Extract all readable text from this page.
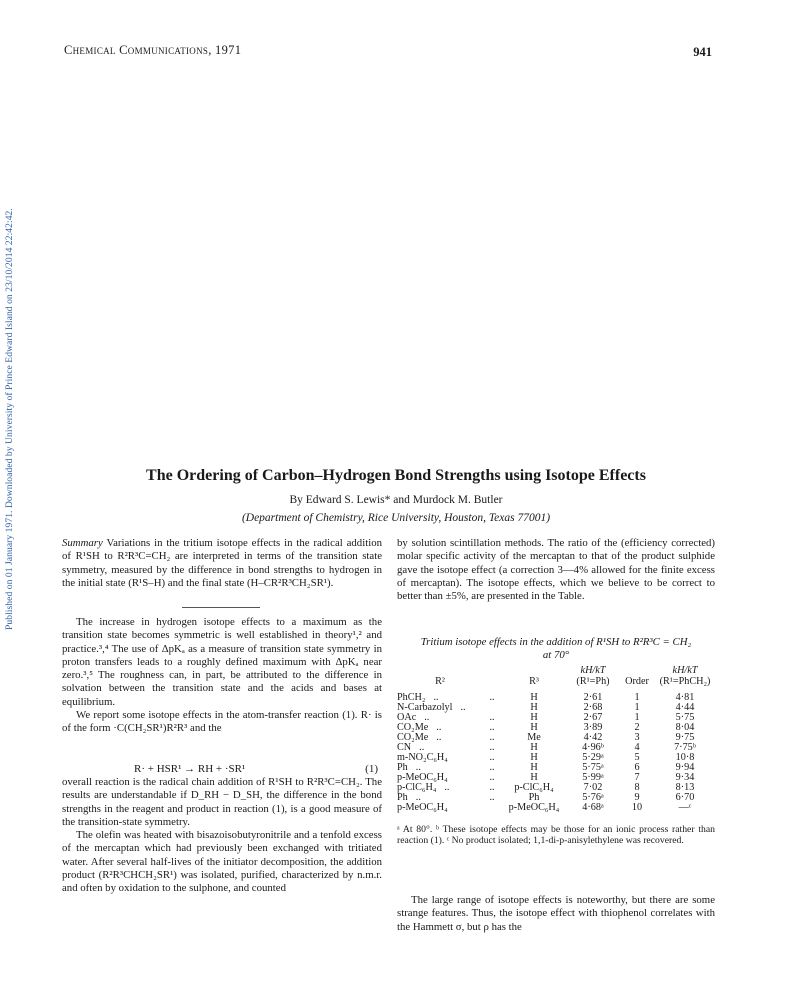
Published on 01 January 1971. Downloaded by University of Prince Edward Island on 23/10/2014 22:42:42.
Chemical Communications, 1971	941
The Ordering of Carbon–Hydrogen Bond Strengths using Isotope Effects
By Edward S. Lewis* and Murdock M. Butler
(Department of Chemistry, Rice University, Houston, Texas 77001)

Summary Variations in the tritium isotope effects in the radical addition of R¹SH to R²R³C=CH₂ are interpreted in terms of the transition state symmetry, measured by the difference in bond strengths to hydrogen in the initial state (R¹S–H) and the final state (H–CR²R³CH₂SR¹).

The increase in hydrogen isotope effects to a maximum as the transition state becomes symmetric is well established in theory¹,² and practice.³,⁴ The use of ΔpKₐ as a measure of transition state symmetry in proton transfers leads to a roughly defined maximum with ΔpKₐ near zero.³,⁵ The roughness can, in part, be attributed to the difference in solvation between the transition state and the acids and bases at equilibrium.

We report some isotope effects in the atom-transfer reaction (1). R· is of the form ·C(CH₂SR¹)R²R³ and the

R· + HSR¹ → RH + ·SR¹	(1)

overall reaction is the radical chain addition of R¹SH to R²R³C=CH₂. The results are understandable if D_RH − D_SH, the difference in the bond strengths in the reagent and product in reaction (1), is a good measure of the transition-state symmetry.

The olefin was heated with bisazoisobutyronitrile and a tenfold excess of the mercaptan which had previously been exchanged with tritiated water. After several half-lives of the initiator decomposition, the addition product (R²R³CHCH₂SR¹) was isolated, purified, characterized by n.m.r. and often by oxidation to the sulphone, and counted

by solution scintillation methods. The ratio of the (efficiency corrected) molar specific activity of the mercaptan to that of the product sulphide gave the isotope effect (a correction 3—4% allowed for the finite excess of mercaptan). The isotope effects, which we believe to be correct to better than ±5%, are presented in the Table.

Tritium isotope effects in the addition of R¹SH to R²R³C = CH₂
at 70°
R²		R³	kH/kT	Order	kH/kT
			(R¹=Ph)		(R¹=PhCH₂)

PhCH₂ ..	..	H	2·61	1	4·81
N-Carbazolyl ..		H	2·68	1	4·44
OAc ..	..	H	2·67	1	5·75
CO₂Me ..	..	H	3·89	2	8·04
CO₂Me ..	..	Me	4·42	3	9·75
CN ..	..	H	4·96ᵇ	4	7·75ᵇ
m-NO₂C₆H₄	..	H	5·29ᵃ	5	10·8
Ph ..	..	H	5·75ᵃ	6	9·94
p-MeOC₆H₄	..	H	5·99ᵃ	7	9·34
p-ClC₆H₄ ..	..	p-ClC₆H₄	7·02	8	8·13
Ph ..	..	Ph	5·76ᵃ	9	6·70
p-MeOC₆H₄		p-MeOC₆H₄	4·68ᵃ	10	—ᶜ
ᵃ At 80°. ᵇ These isotope effects may be those for an ionic process rather than reaction (1). ᶜ No product isolated; 1,1-di-p-anisylethylene was recovered.

The large range of isotope effects is noteworthy, but there are some strange features. Thus, the isotope effect with thiophenol correlates with the Hammett σ, but ρ has the
